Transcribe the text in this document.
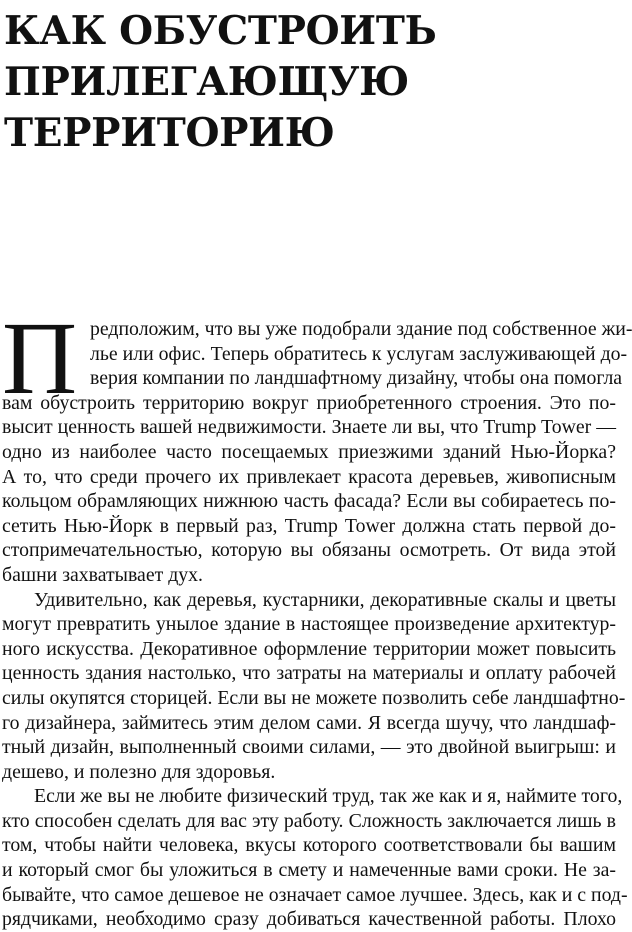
КАК ОБУСТРОИТЬ
ПРИЛЕГАЮЩУЮ
ТЕРРИТОРИЮ
П редположим, что вы уже подобрали здание под собственное жи-
лье или офис. Теперь обратитесь к услугам заслуживающей до-
верия компании по ландшафтному дизайну, чтобы она помогла
вам обустроить территорию вокруг приобретенного строения. Это по-
высит ценность вашей недвижимости. Знаете ли вы, что Trump Tower —
одно из наиболее часто посещаемых приезжими зданий Нью-Йорка?
А то, что среди прочего их привлекает красота деревьев, живописным
кольцом обрамляющих нижнюю часть фасада? Если вы собираетесь по-
сетить Нью-Йорк в первый раз, Trump Tower должна стать первой до-
стопримечательностью, которую вы обязаны осмотреть. От вида этой
башни захватывает дух.
Удивительно, как деревья, кустарники, декоративные скалы и цветы
могут превратить унылое здание в настоящее произведение архитектур-
ного искусства. Декоративное оформление территории может повысить
ценность здания настолько, что затраты на материалы и оплату рабочей
силы окупятся сторицей. Если вы не можете позволить себе ландшафтно-
го дизайнера, займитесь этим делом сами. Я всегда шучу, что ландшаф-
тный дизайн, выполненный своими силами, — это двойной выигрыш: и
дешево, и полезно для здоровья.
Если же вы не любите физический труд, так же как и я, наймите того,
кто способен сделать для вас эту работу. Сложность заключается лишь в
том, чтобы найти человека, вкусы которого соответствовали бы вашим
и который смог бы уложиться в смету и намеченные вами сроки. Не за-
бывайте, что самое дешевое не означает самое лучшее. Здесь, как и с под-
рядчиками, необходимо сразу добиваться качественной работы. Плохо
